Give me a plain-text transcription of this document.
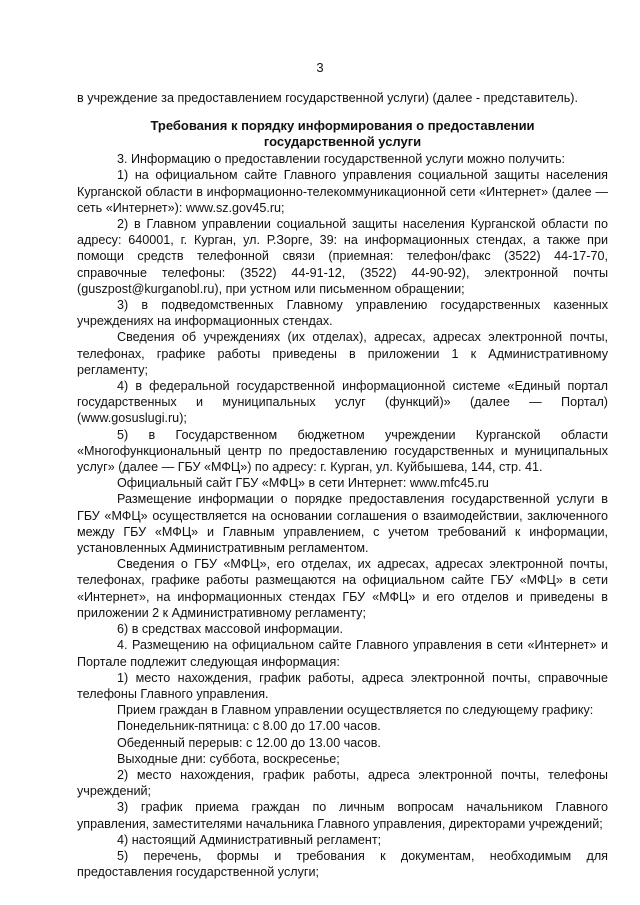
3

в учреждение за предоставлением государственной услуги) (далее - представитель).

Требования к порядку информирования о предоставлении
государственной услуги

3. Информацию о предоставлении государственной услуги можно получить:

1) на официальном сайте Главного управления социальной защиты населения Курганской области в информационно-телекоммуникационной сети «Интернет» (далее — сеть «Интернет»): www.sz.gov45.ru;

2) в Главном управлении социальной защиты населения Курганской области по адресу: 640001, г. Курган, ул. Р.Зорге, 39: на информационных стендах, а также при помощи средств телефонной связи (приемная: телефон/факс (3522) 44-17-70, справочные телефоны: (3522) 44-91-12, (3522) 44-90-92), электронной почты (guszpost@kurganobl.ru), при устном или письменном обращении;

3) в подведомственных Главному управлению государственных казенных учреждениях на информационных стендах.

Сведения об учреждениях (их отделах), адресах, адресах электронной почты, телефонах, графике работы приведены в приложении 1 к Административному регламенту;

4) в федеральной государственной информационной системе «Единый портал государственных и муниципальных услуг (функций)» (далее — Портал) (www.gosuslugi.ru);

5) в Государственном бюджетном учреждении Курганской области «Многофункциональный центр по предоставлению государственных и муниципальных услуг» (далее — ГБУ «МФЦ») по адресу: г. Курган, ул. Куйбышева, 144, стр. 41.

Официальный сайт ГБУ «МФЦ» в сети Интернет: www.mfc45.ru

Размещение информации о порядке предоставления государственной услуги в ГБУ «МФЦ» осуществляется на основании соглашения о взаимодействии, заключенного между ГБУ «МФЦ» и Главным управлением, с учетом требований к информации, установленных Административным регламентом.

Сведения о ГБУ «МФЦ», его отделах, их адресах, адресах электронной почты, телефонах, графике работы размещаются на официальном сайте ГБУ «МФЦ» в сети «Интернет», на информационных стендах ГБУ «МФЦ» и его отделов и приведены в приложении 2 к Административному регламенту;

6) в средствах массовой информации.

4. Размещению на официальном сайте Главного управления в сети «Интернет» и Портале подлежит следующая информация:

1) место нахождения, график работы, адреса электронной почты, справочные телефоны Главного управления.

Прием граждан в Главном управлении осуществляется по следующему графику:

Понедельник-пятница: с 8.00 до 17.00 часов.

Обеденный перерыв: с 12.00 до 13.00 часов.

Выходные дни: суббота, воскресенье;

2) место нахождения, график работы, адреса электронной почты, телефоны учреждений;

3) график приема граждан по личным вопросам начальником Главного управления, заместителями начальника Главного управления, директорами учреждений;

4) настоящий Административный регламент;

5) перечень, формы и требования к документам, необходимым для предоставления государственной услуги;
